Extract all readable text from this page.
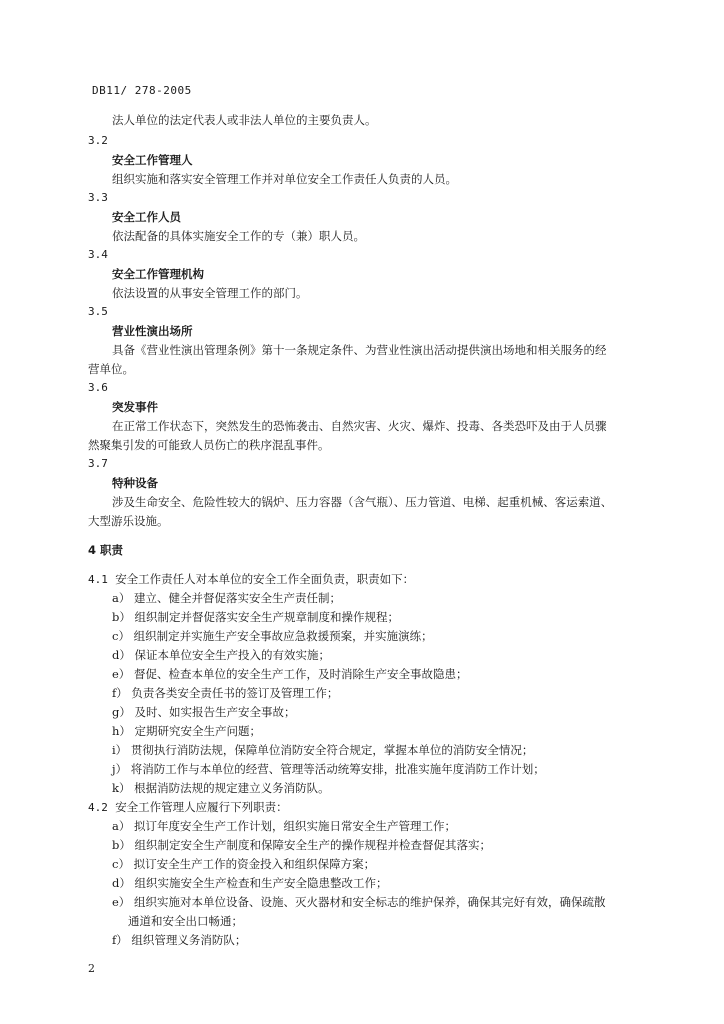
DB11/ 278-2005
法人单位的法定代表人或非法人单位的主要负责人。
3.2
安全工作管理人
组织实施和落实安全管理工作并对单位安全工作责任人负责的人员。
3.3
安全工作人员
依法配备的具体实施安全工作的专（兼）职人员。
3.4
安全工作管理机构
依法设置的从事安全管理工作的部门。
3.5
营业性演出场所
具备《营业性演出管理条例》第十一条规定条件、为营业性演出活动提供演出场地和相关服务的经
营单位。
3.6
突发事件
在正常工作状态下，突然发生的恐怖袭击、自然灾害、火灾、爆炸、投毒、各类恐吓及由于人员骤
然聚集引发的可能致人员伤亡的秩序混乱事件。
3.7
特种设备
涉及生命安全、危险性较大的锅炉、压力容器（含气瓶）、压力管道、电梯、起重机械、客运索道、
大型游乐设施。
4 职责
4.1 安全工作责任人对本单位的安全工作全面负责，职责如下：
a） 建立、健全并督促落实安全生产责任制；
b） 组织制定并督促落实安全生产规章制度和操作规程；
c） 组织制定并实施生产安全事故应急救援预案，并实施演练；
d） 保证本单位安全生产投入的有效实施；
e） 督促、检查本单位的安全生产工作，及时消除生产安全事故隐患；
f） 负责各类安全责任书的签订及管理工作；
g） 及时、如实报告生产安全事故；
h） 定期研究安全生产问题；
i） 贯彻执行消防法规，保障单位消防安全符合规定，掌握本单位的消防安全情况；
j） 将消防工作与本单位的经营、管理等活动统筹安排，批准实施年度消防工作计划；
k） 根据消防法规的规定建立义务消防队。
4.2 安全工作管理人应履行下列职责：
a） 拟订年度安全生产工作计划，组织实施日常安全生产管理工作；
b） 组织制定安全生产制度和保障安全生产的操作规程并检查督促其落实；
c） 拟订安全生产工作的资金投入和组织保障方案；
d） 组织实施安全生产检查和生产安全隐患整改工作；
e） 组织实施对本单位设备、设施、灭火器材和安全标志的维护保养，确保其完好有效，确保疏散
通道和安全出口畅通；
f） 组织管理义务消防队；
2
